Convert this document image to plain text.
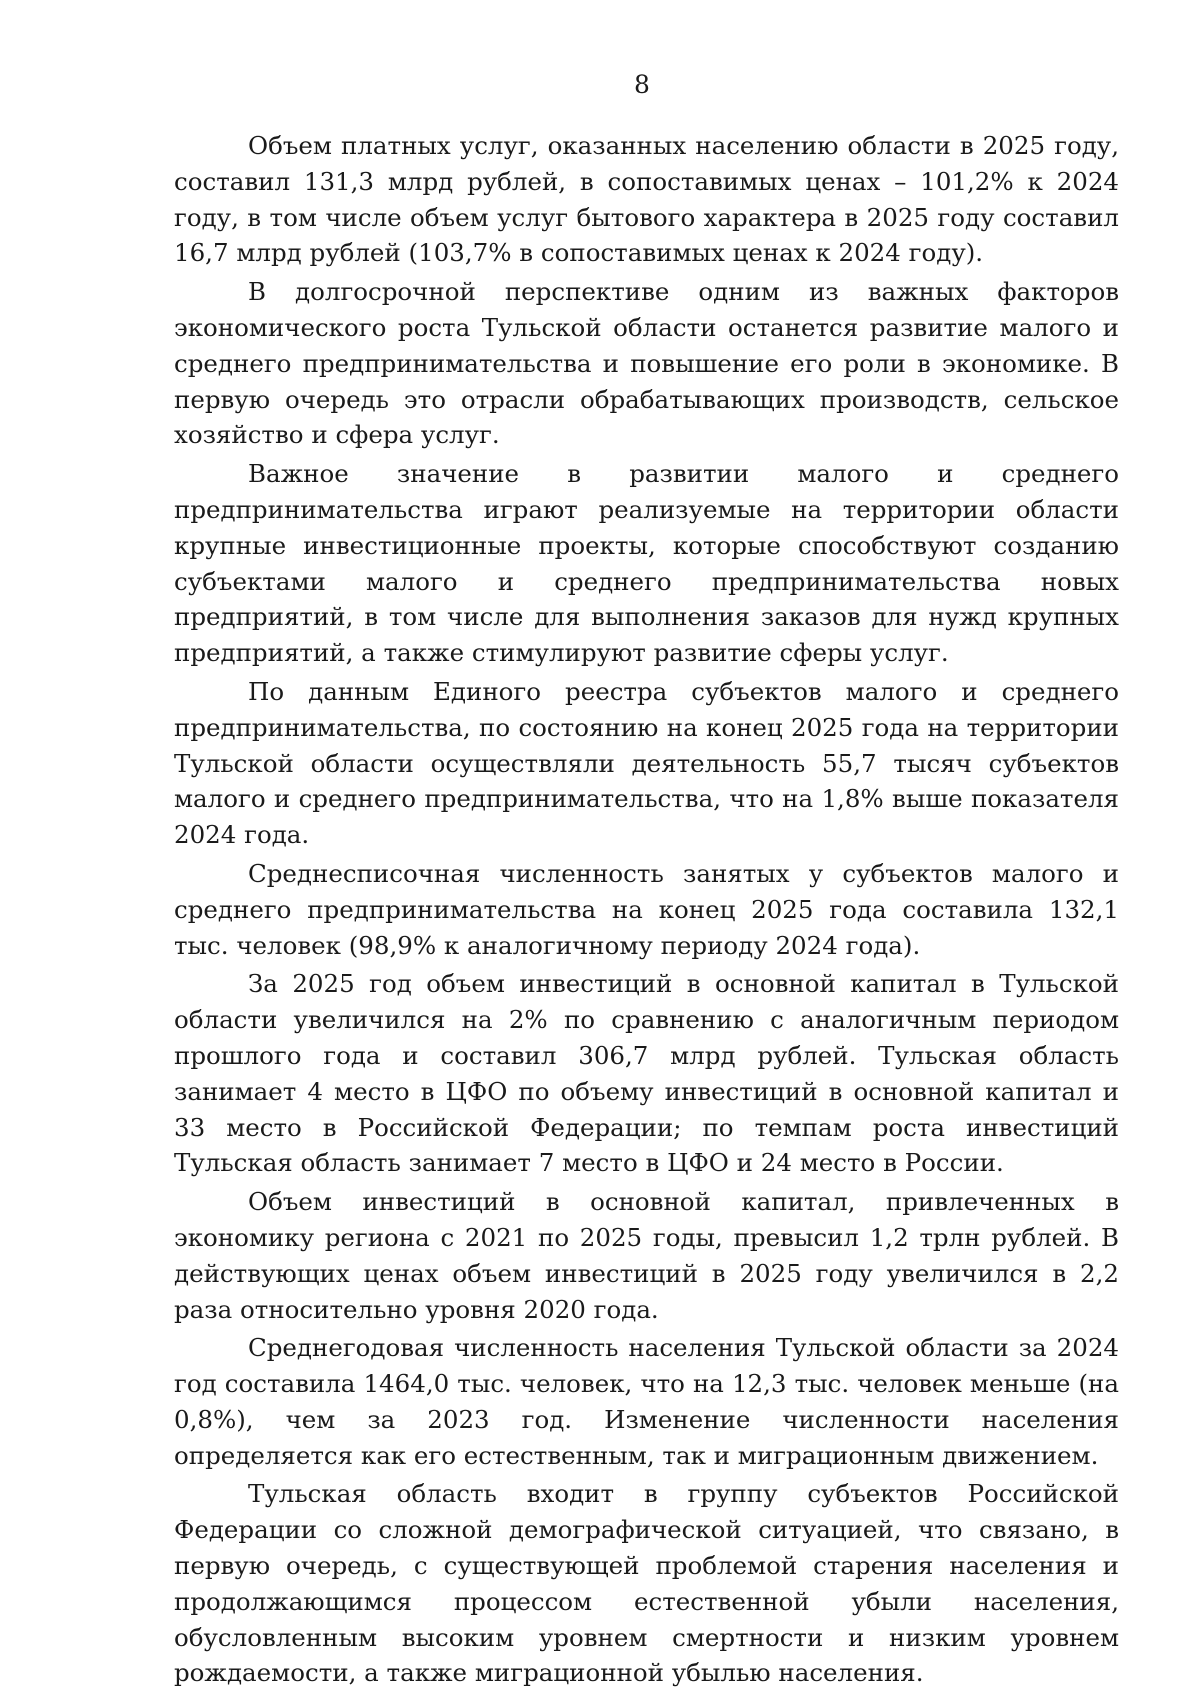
8

Объем платных услуг, оказанных населению области в 2025 году, составил 131,3 млрд рублей, в сопоставимых ценах – 101,2% к 2024 году, в том числе объем услуг бытового характера в 2025 году составил 16,7 млрд рублей (103,7% в сопоставимых ценах к 2024 году).

В долгосрочной перспективе одним из важных факторов экономического роста Тульской области останется развитие малого и среднего предпринимательства и повышение его роли в экономике. В первую очередь это отрасли обрабатывающих производств, сельское хозяйство и сфера услуг.

Важное значение в развитии малого и среднего предпринимательства играют реализуемые на территории области крупные инвестиционные проекты, которые способствуют созданию субъектами малого и среднего предпринимательства новых предприятий, в том числе для выполнения заказов для нужд крупных предприятий, а также стимулируют развитие сферы услуг.

По данным Единого реестра субъектов малого и среднего предпринимательства, по состоянию на конец 2025 года на территории Тульской области осуществляли деятельность 55,7 тысяч субъектов малого и среднего предпринимательства, что на 1,8% выше показателя 2024 года.

Среднесписочная численность занятых у субъектов малого и среднего предпринимательства на конец 2025 года составила 132,1 тыс. человек (98,9% к аналогичному периоду 2024 года).

За 2025 год объем инвестиций в основной капитал в Тульской области увеличился на 2% по сравнению с аналогичным периодом прошлого года и составил 306,7 млрд рублей. Тульская область занимает 4 место в ЦФО по объему инвестиций в основной капитал и 33 место в Российской Федерации; по темпам роста инвестиций Тульская область занимает 7 место в ЦФО и 24 место в России.

Объем инвестиций в основной капитал, привлеченных в экономику региона с 2021 по 2025 годы, превысил 1,2 трлн рублей. В действующих ценах объем инвестиций в 2025 году увеличился в 2,2 раза относительно уровня 2020 года.

Среднегодовая численность населения Тульской области за 2024 год составила 1464,0 тыс. человек, что на 12,3 тыс. человек меньше (на 0,8%), чем за 2023 год. Изменение численности населения определяется как его естественным, так и миграционным движением.

Тульская область входит в группу субъектов Российской Федерации со сложной демографической ситуацией, что связано, в первую очередь, с существующей проблемой старения населения и продолжающимся процессом естественной убыли населения, обусловленным высоким уровнем смертности и низким уровнем рождаемости, а также миграционной убылью населения.
